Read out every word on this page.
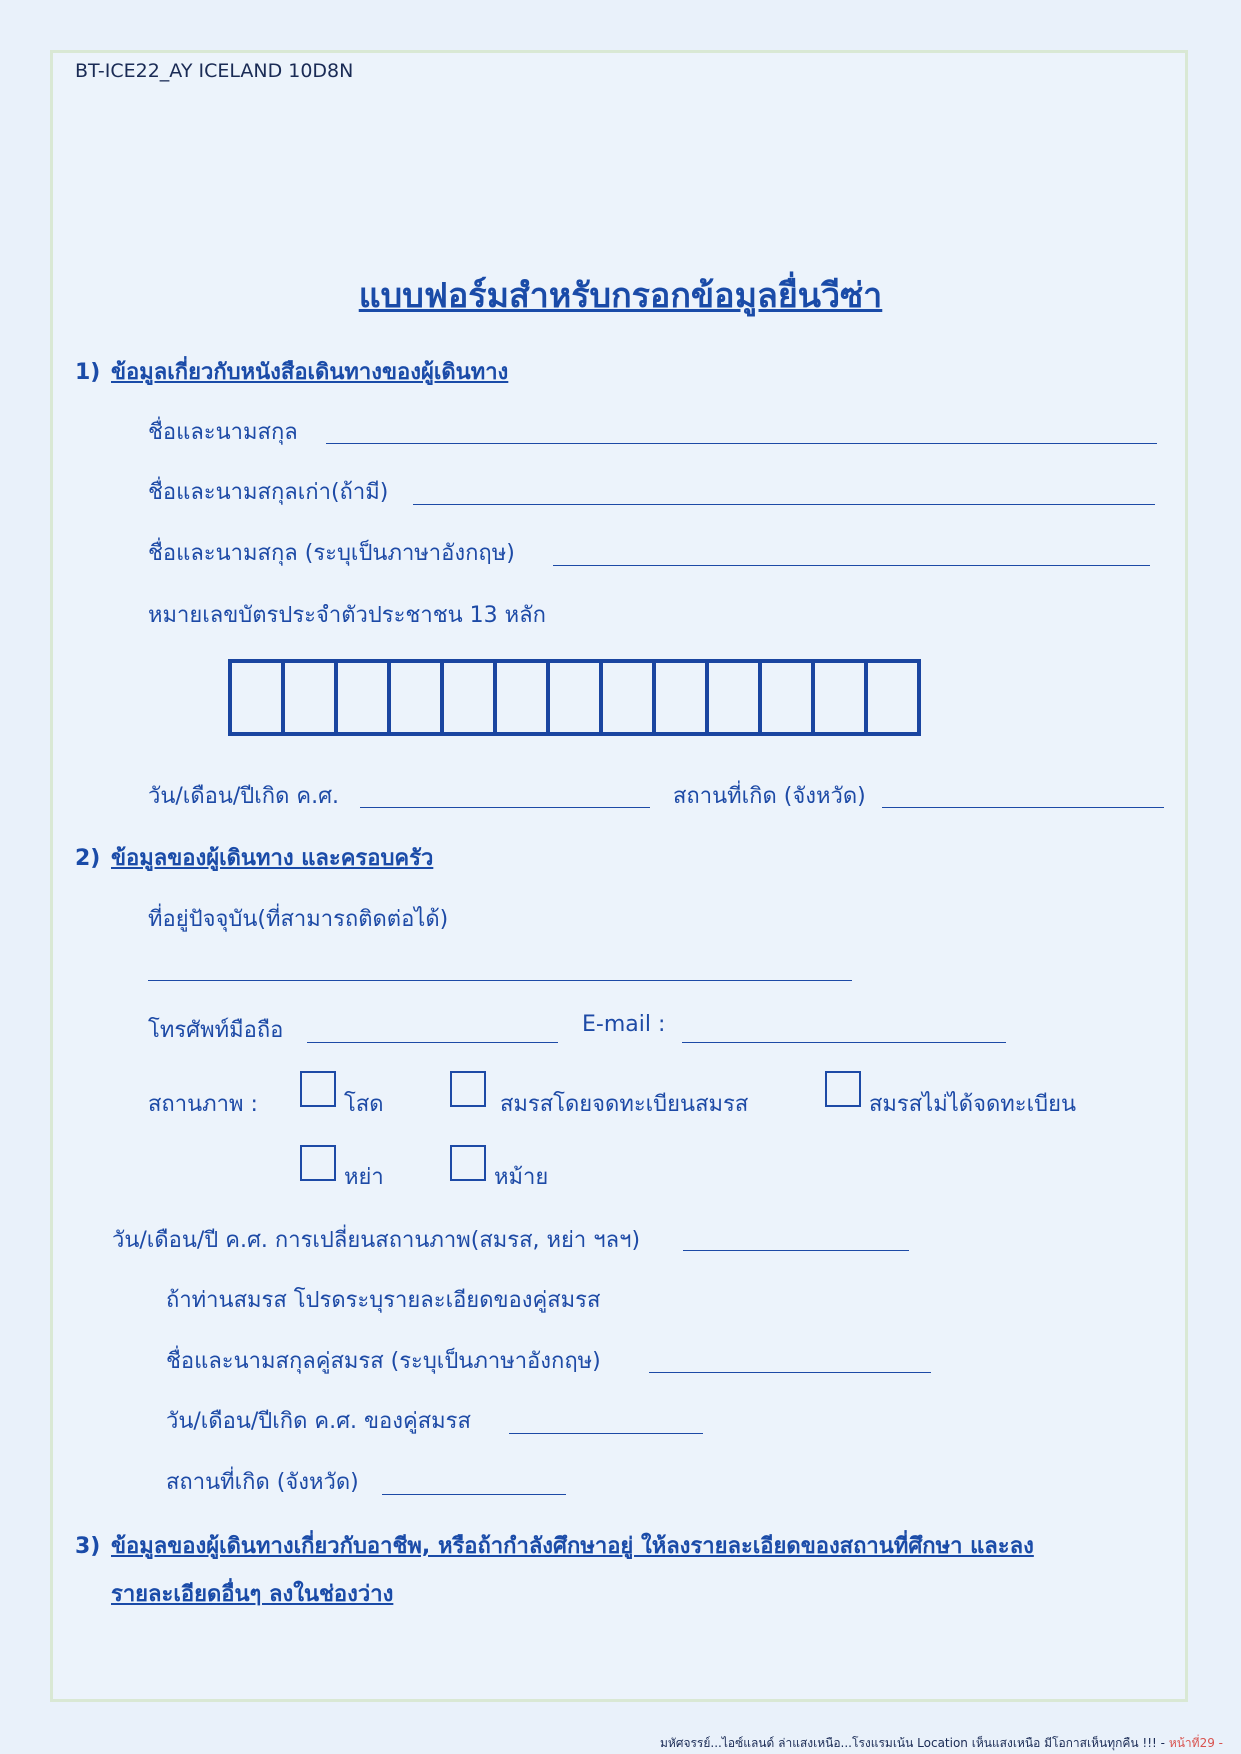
BT-ICE22_AY ICELAND 10D8N
แบบฟอร์มสำหรับกรอกข้อมูลยื่นวีซ่า
1) ข้อมูลเกี่ยวกับหนังสือเดินทางของผู้เดินทาง
ชื่อและนามสกุล
ชื่อและนามสกุลเก่า(ถ้ามี)
ชื่อและนามสกุล (ระบุเป็นภาษาอังกฤษ)
หมายเลขบัตรประจำตัวประชาชน 13 หลัก
วัน/เดือน/ปีเกิด ค.ศ.	สถานที่เกิด (จังหวัด)
2) ข้อมูลของผู้เดินทาง และครอบครัว
ที่อยู่ปัจจุบัน(ที่สามารถติดต่อได้)
โทรศัพท์มือถือ	E-mail :
สถานภาพ :	โสด	สมรสโดยจดทะเบียนสมรส	สมรสไม่ได้จดทะเบียน
หย่า	หม้าย
วัน/เดือน/ปี ค.ศ. การเปลี่ยนสถานภาพ(สมรส, หย่า ฯลฯ)
ถ้าท่านสมรส โปรดระบุรายละเอียดของคู่สมรส
ชื่อและนามสกุลคู่สมรส (ระบุเป็นภาษาอังกฤษ)
วัน/เดือน/ปีเกิด ค.ศ. ของคู่สมรส
สถานที่เกิด (จังหวัด)
3) ข้อมูลของผู้เดินทางเกี่ยวกับอาชีพ, หรือถ้ากำลังศึกษาอยู่ ให้ลงรายละเอียดของสถานที่ศึกษา และลง
รายละเอียดอื่นๆ ลงในช่องว่าง
มหัศจรรย์...ไอซ์แลนด์ ล่าแสงเหนือ...โรงแรมเน้น Location เห็นแสงเหนือ มีโอกาสเห็นทุกคืน !!! - หน้าที่29 -
